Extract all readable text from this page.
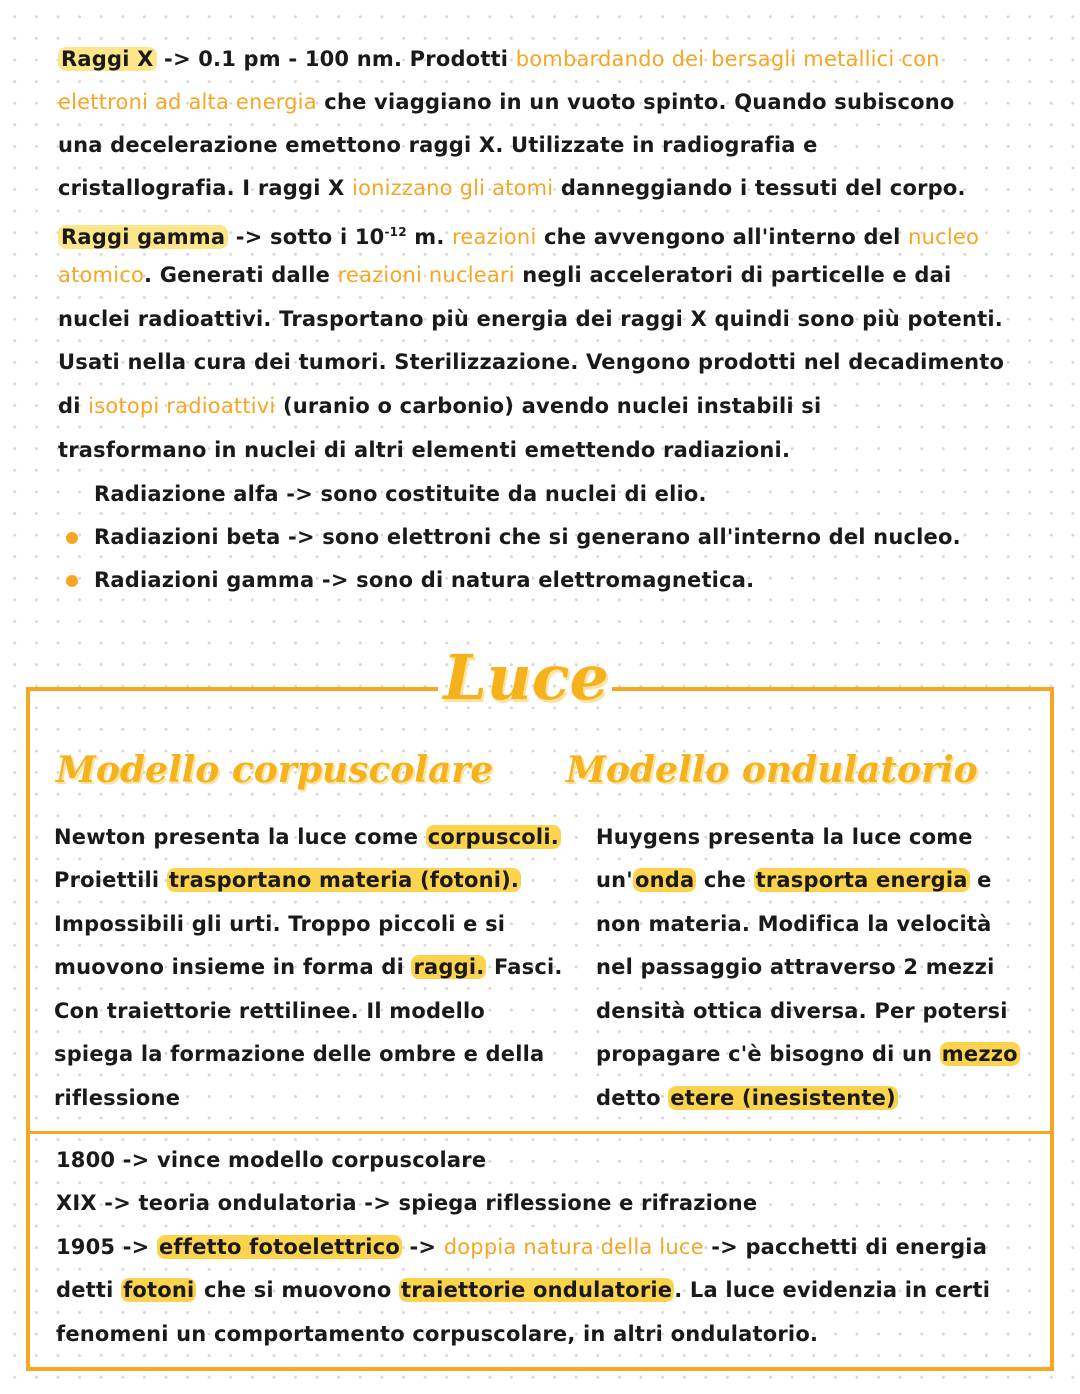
Raggi X -> 0.1 pm - 100 nm. Prodotti bombardando dei bersagli metallici con
elettroni ad alta energia che viaggiano in un vuoto spinto. Quando subiscono
una decelerazione emettono raggi X. Utilizzate in radiografia e
cristallografia. I raggi X ionizzano gli atomi danneggiando i tessuti del corpo.
Raggi gamma -> sotto i $10^{-12}$ m. reazioni che avvengono all'interno del nucleo
atomico. Generati dalle reazioni nucleari negli acceleratori di particelle e dai
nuclei radioattivi. Trasportano più energia dei raggi X quindi sono più potenti.
Usati nella cura dei tumori. Sterilizzazione. Vengono prodotti nel decadimento
di isotopi radioattivi (uranio o carbonio) avendo nuclei instabili si
trasformano in nuclei di altri elementi emettendo radiazioni.
Radiazione alfa -> sono costituite da nuclei di elio.
Radiazioni beta -> sono elettroni che si generano all'interno del nucleo.
Radiazioni gamma -> sono di natura elettromagnetica.
Luce
Modello corpuscolare Modello ondulatorio
Newton presenta la luce come corpuscoli.
Proiettili trasportano materia (fotoni).
Impossibili gli urti. Troppo piccoli e si
muovono insieme in forma di raggi. Fasci.
Con traiettorie rettilinee. Il modello
spiega la formazione delle ombre e della
riflessione
Huygens presenta la luce come
un'onda che trasporta energia e
non materia. Modifica la velocità
nel passaggio attraverso 2 mezzi
densità ottica diversa. Per potersi
propagare c'è bisogno di un mezzo
detto etere (inesistente)
1800 -> vince modello corpuscolare
XIX -> teoria ondulatoria -> spiega riflessione e rifrazione
1905 -> effetto fotoelettrico -> doppia natura della luce -> pacchetti di energia
detti fotoni che si muovono traiettorie ondulatorie. La luce evidenzia in certi
fenomeni un comportamento corpuscolare, in altri ondulatorio.
